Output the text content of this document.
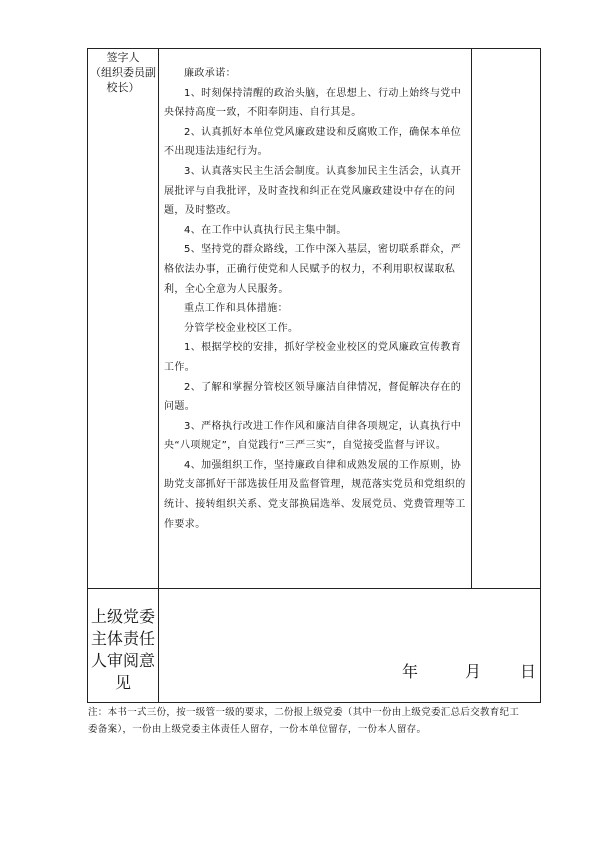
签字人
（组织委员副校长）

廉政承诺：

1、时刻保持清醒的政治头脑，在思想上、行动上始终与党中央保持高度一致，不阳奉阴违、自行其是。

2、认真抓好本单位党风廉政建设和反腐败工作，确保本单位不出现违法违纪行为。

3、认真落实民主生活会制度。认真参加民主生活会，认真开展批评与自我批评，及时查找和纠正在党风廉政建设中存在的问题，及时整改。

4、在工作中认真执行民主集中制。

5、坚持党的群众路线，工作中深入基层，密切联系群众，严格依法办事，正确行使党和人民赋予的权力，不利用职权谋取私利，全心全意为人民服务。

重点工作和具体措施：

分管学校金业校区工作。

1、根据学校的安排，抓好学校金业校区的党风廉政宣传教育工作。

2、了解和掌握分管校区领导廉洁自律情况，督促解决存在的问题。

3、严格执行改进工作作风和廉洁自律各项规定，认真执行中央“八项规定”，自觉践行“三严三实”，自觉接受监督与评议。

4、加强组织工作，坚持廉政自律和成熟发展的工作原则，协助党支部抓好干部选拔任用及监督管理，规范落实党员和党组织的统计、接转组织关系、党支部换届选举、发展党员、党费管理等工作要求。

上级党委主体责任人审阅意见
年	月 日
注：本书一式三份，按一级管一级的要求，二份报上级党委（其中一份由上级党委汇总后交教育纪工委备案），一份由上级党委主体责任人留存，一份本单位留存，一份本人留存。
